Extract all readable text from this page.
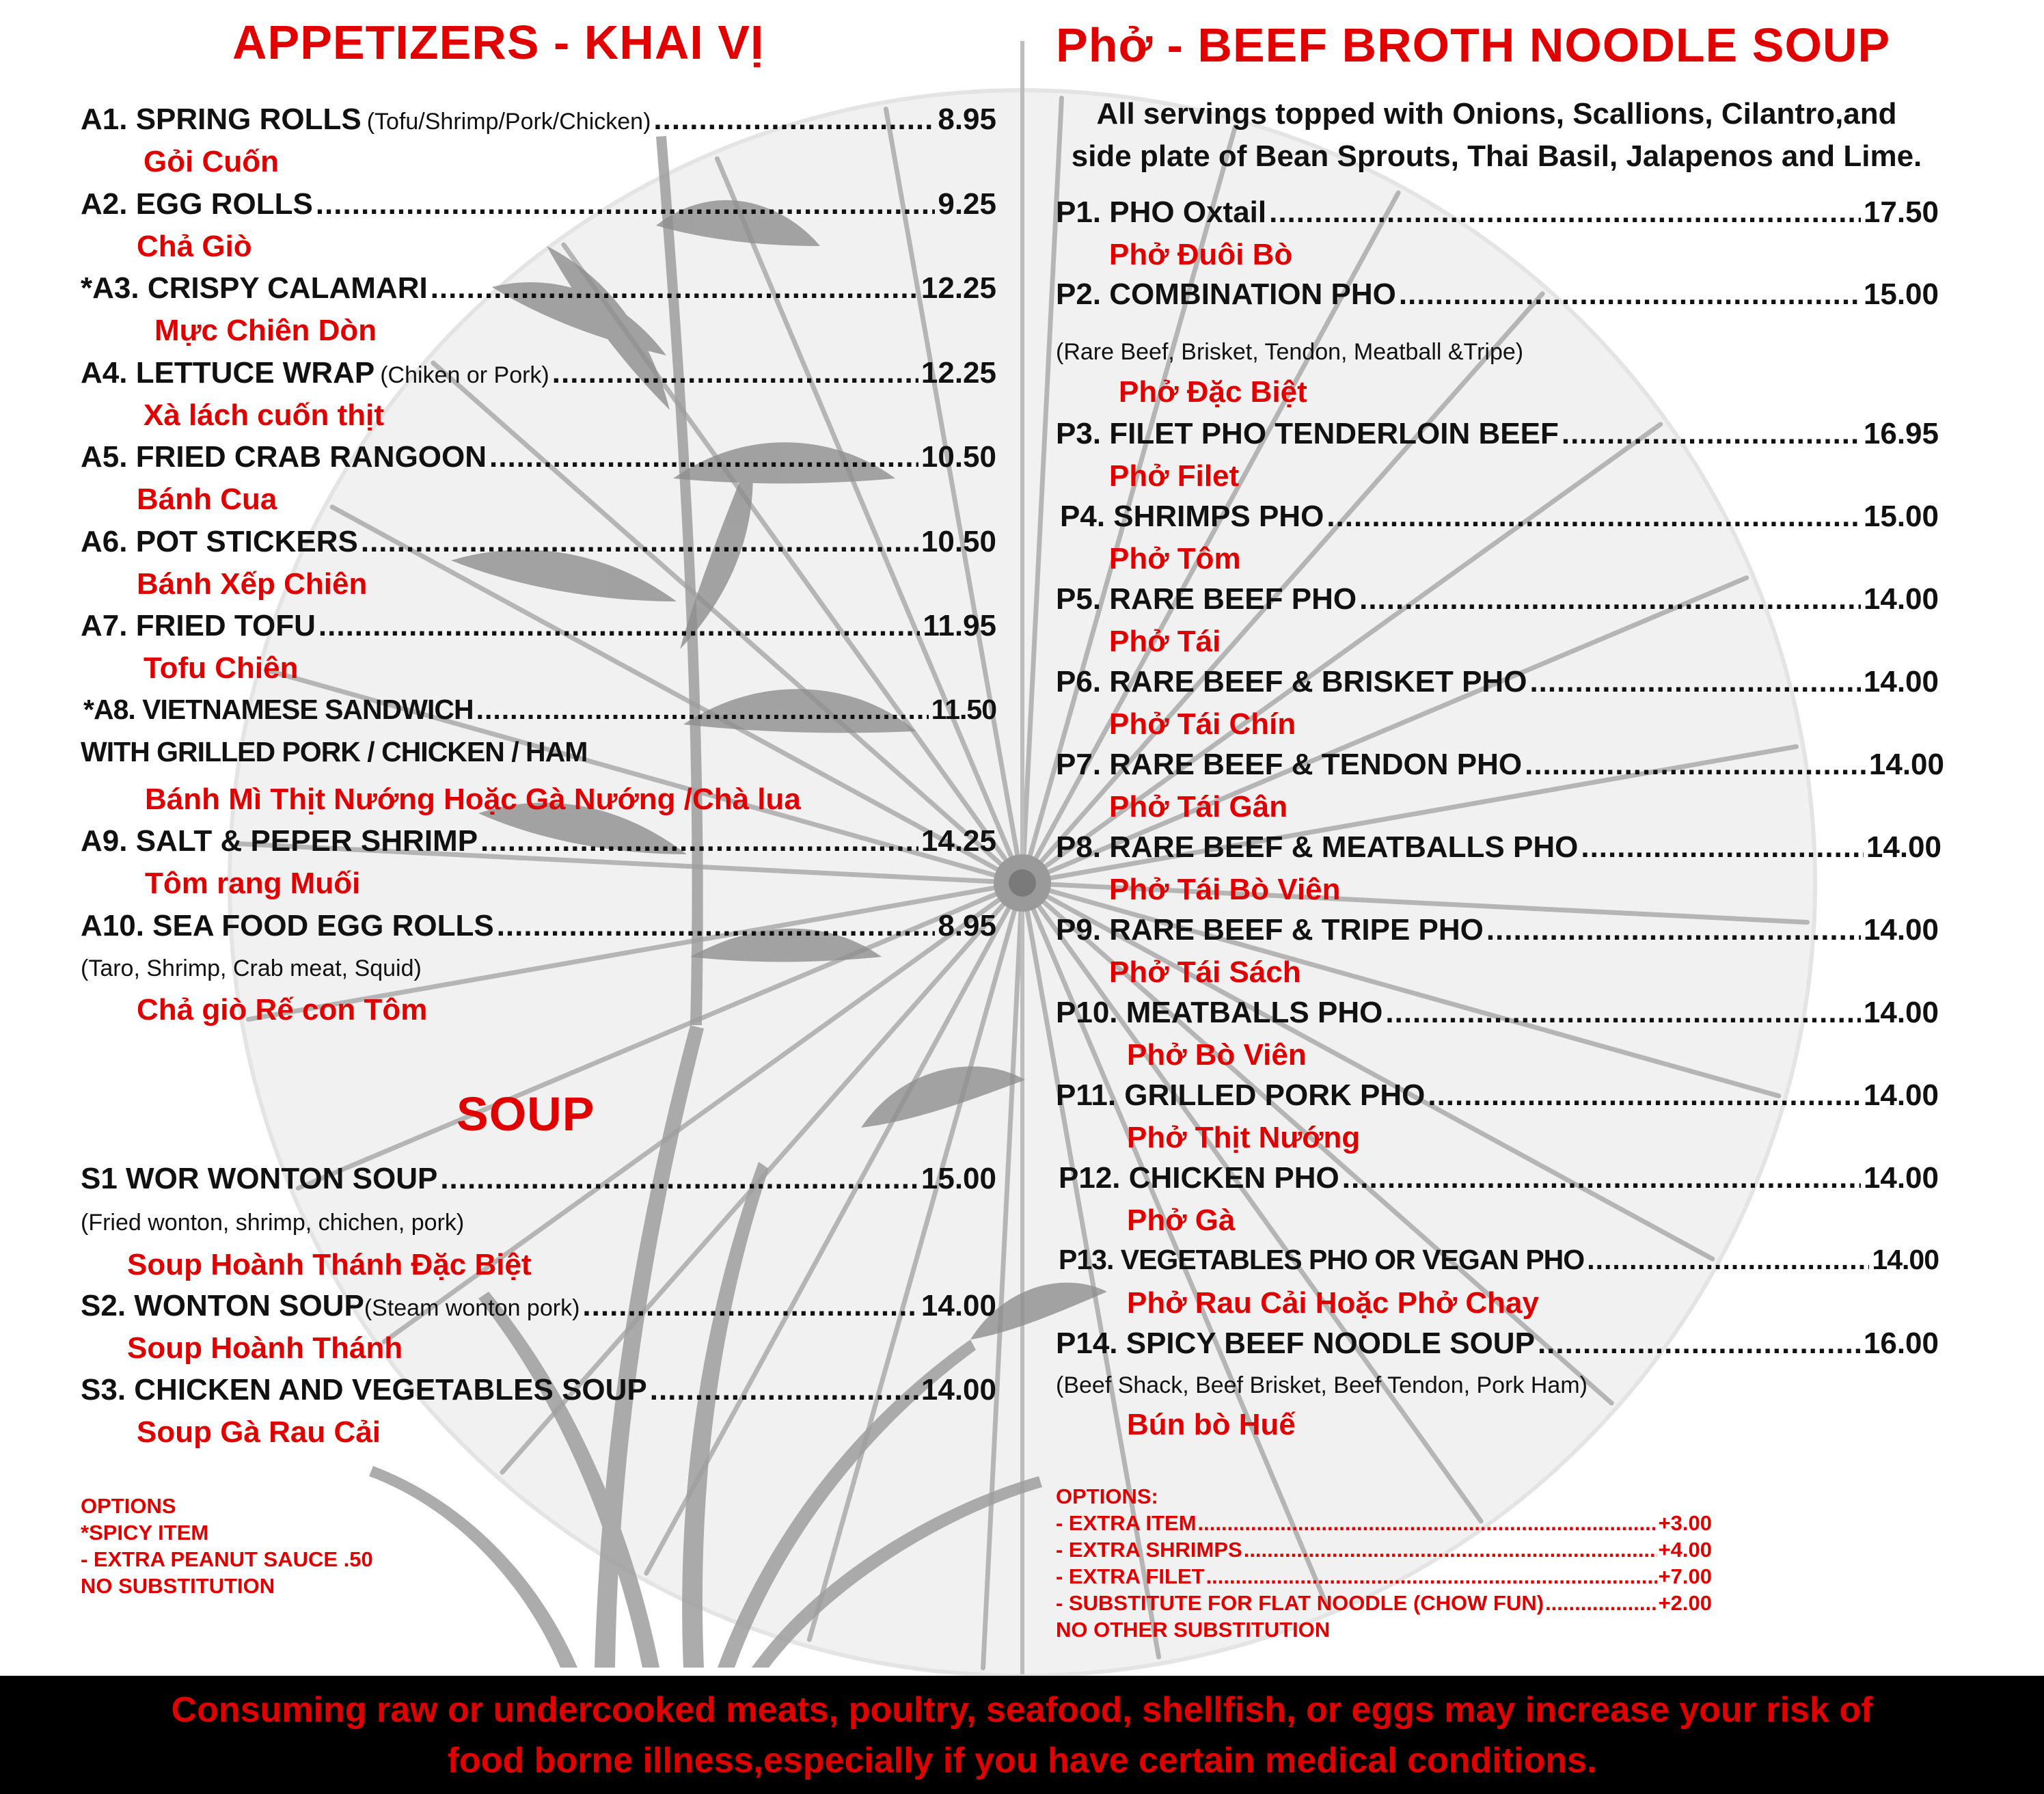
APPETIZERS - KHAI VỊ
A1. SPRING ROLLS (Tofu/Shrimp/Pork/Chicken) .....	8.95
Gỏi Cuốn
A2. EGG ROLLS .....	9.25
Chả Giò
*A3. CRISPY CALAMARI .....	12.25
Mực Chiên Dòn
A4. LETTUCE WRAP (Chiken or Pork) .....	12.25
Xà lách cuốn thịt
A5. FRIED CRAB RANGOON .....	10.50
Bánh Cua
A6. POT STICKERS .....	10.50
Bánh Xếp Chiên
A7. FRIED TOFU .....	11.95
Tofu Chiên
*A8. VIETNAMESE SANDWICH .....	11.50
WITH GRILLED PORK / CHICKEN / HAM
Bánh Mì Thịt Nướng Hoặc Gà Nướng /Chà lua
A9. SALT & PEPER SHRIMP .....	14.25
Tôm rang Muối
A10. SEA FOOD EGG ROLLS .....	8.95
(Taro, Shrimp, Crab meat, Squid)
Chả giò Rế con Tôm
SOUP
S1 WOR WONTON SOUP .....	15.00
(Fried wonton, shrimp, chichen, pork)
Soup Hoành Thánh Đặc Biệt
S2. WONTON SOUP (Steam wonton pork) .....	14.00
Soup Hoành Thánh
S3. CHICKEN AND VEGETABLES SOUP .....	14.00
Soup Gà Rau Cải
OPTIONS
*SPICY ITEM
- EXTRA PEANUT SAUCE .50
NO SUBSTITUTION
Phở - BEEF BROTH NOODLE SOUP
All servings topped with Onions, Scallions, Cilantro,and
side plate of Bean Sprouts, Thai Basil, Jalapenos and Lime.
P1. PHO Oxtail .....	17.50
Phở Đuôi Bò
P2. COMBINATION PHO .....	15.00
(Rare Beef, Brisket, Tendon, Meatball &Tripe)
Phở Đặc Biệt
P3. FILET PHO TENDERLOIN BEEF .....	16.95
Phở Filet
P4. SHRIMPS PHO .....	15.00
Phở Tôm
P5. RARE BEEF PHO .....	14.00
Phở Tái
P6. RARE BEEF & BRISKET PHO .....	14.00
Phở Tái Chín
P7. RARE BEEF & TENDON PHO .....	14.00
Phở Tái Gân
P8. RARE BEEF & MEATBALLS PHO .....	14.00
Phở Tái Bò Viên
P9. RARE BEEF & TRIPE PHO .....	14.00
Phở Tái Sách
P10. MEATBALLS PHO .....	14.00
Phở Bò Viên
P11. GRILLED PORK PHO .....	14.00
Phở Thịt Nướng
P12. CHICKEN PHO .....	14.00
Phở Gà
P13. VEGETABLES PHO OR VEGAN PHO .....	14.00
Phở Rau Cải Hoặc Phở Chay
P14. SPICY BEEF NOODLE SOUP .....	16.00
(Beef Shack, Beef Brisket, Beef Tendon, Pork Ham)
Bún bò Huế
OPTIONS:
- EXTRA ITEM .....	+3.00
- EXTRA SHRIMPS .....	+4.00
- EXTRA FILET .....	+7.00
- SUBSTITUTE FOR FLAT NOODLE (CHOW FUN) .....	+2.00
NO OTHER SUBSTITUTION
Consuming raw or undercooked meats, poultry, seafood, shellfish, or eggs may increase your risk of
food borne illness,especially if you have certain medical conditions.
